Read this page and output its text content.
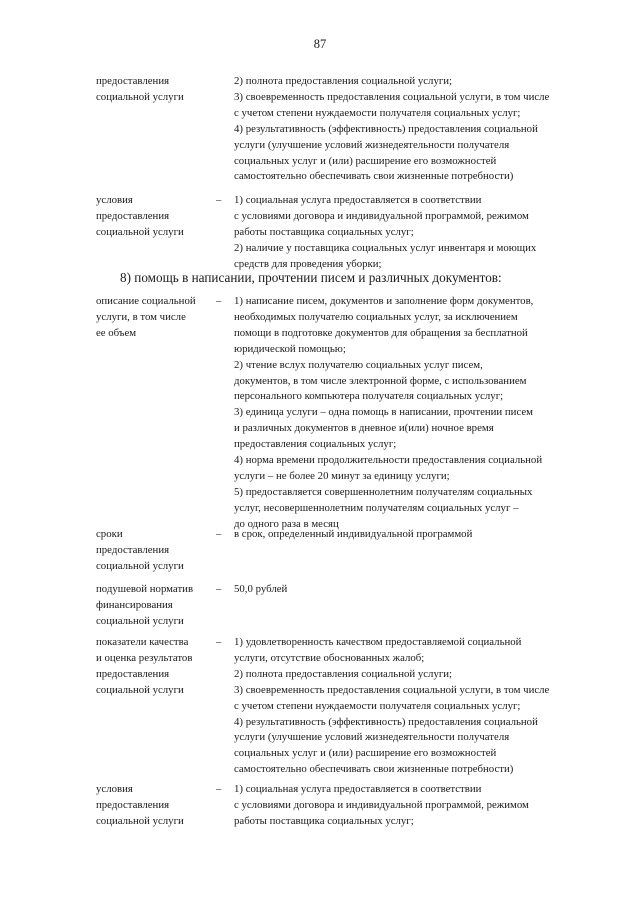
87
8) помощь в написании, прочтении писем и различных документов:
предоставления
социальной услуги
2) полнота предоставления социальной услуги;
3) своевременность предоставления социальной услуги, в том числе
с учетом степени нуждаемости получателя социальных услуг;
4) результативность (эффективность) предоставления социальной
услуги (улучшение условий жизнедеятельности получателя
социальных услуг и (или) расширение его возможностей
самостоятельно обеспечивать свои жизненные потребности)
условия
предоставления
социальной услуги
– 1) социальная услуга предоставляется в соответствии
с условиями договора и индивидуальной программой, режимом
работы поставщика социальных услуг;
2) наличие у поставщика социальных услуг инвентаря и моющих
средств для проведения уборки;
описание социальной
услуги, в том числе
ее объем
– 1) написание писем, документов и заполнение форм документов,
необходимых получателю социальных услуг, за исключением
помощи в подготовке документов для обращения за бесплатной
юридической помощью;
2) чтение вслух получателю социальных услуг писем,
документов, в том числе электронной форме, с использованием
персонального компьютера получателя социальных услуг;
3) единица услуги – одна помощь в написании, прочтении писем
и различных документов в дневное и(или) ночное время
предоставления социальных услуг;
4) норма времени продолжительности предоставления социальной
услуги – не более 20 минут за единицу услуги;
5) предоставляется совершеннолетним получателям социальных
услуг, несовершеннолетним получателям социальных услуг –
до одного раза в месяц
сроки
предоставления
социальной услуги
– в срок, определенный индивидуальной программой
подушевой норматив
финансирования
социальной услуги
– 50,0 рублей
показатели качества
и оценка результатов
предоставления
социальной услуги
– 1) удовлетворенность качеством предоставляемой социальной
услуги, отсутствие обоснованных жалоб;
2) полнота предоставления социальной услуги;
3) своевременность предоставления социальной услуги, в том числе
с учетом степени нуждаемости получателя социальных услуг;
4) результативность (эффективность) предоставления социальной
услуги (улучшение условий жизнедеятельности получателя
социальных услуг и (или) расширение его возможностей
самостоятельно обеспечивать свои жизненные потребности)
условия
предоставления
социальной услуги
– 1) социальная услуга предоставляется в соответствии
с условиями договора и индивидуальной программой, режимом
работы поставщика социальных услуг;
